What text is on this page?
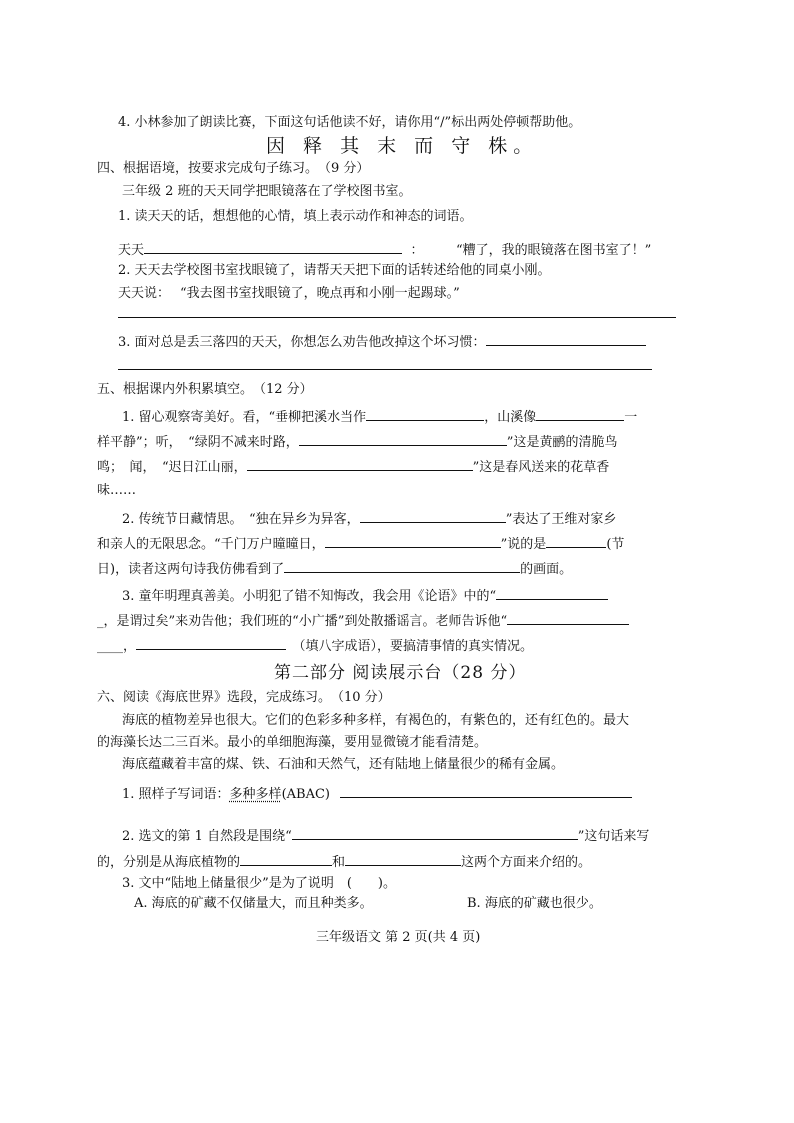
4. 小林参加了朗读比赛，下面这句话他读不好，请你用“/”标出两处停顿帮助他。
因 释 其 末 而 守 株。
四、根据语境，按要求完成句子练习。　（9 分）
三年级 2 班的天天同学把眼镜落在了学校图书室。
1. 读天天的话，想想他的心情，填上表示动作和神态的词语。
天天	：	“糟了，我的眼镜落在图书室了！”
2. 天天去学校图书室找眼镜了，请帮天天把下面的话转述给他的同桌小刚。
天天说： “我去图书室找眼镜了，晚点再和小刚一起踢球。”
3. 面对总是丢三落四的天天，你想怎么劝告他改掉这个坏习惯：
五、根据课内外积累填空。　（12 分）
1. 留心观察寄美好。看，“垂柳把溪水当作	，山溪像	一
样平静”；听，　“绿阴不减来时路，	”这是黄鹂的清脆鸟
鸣；　闻，　“迟日江山丽，	”这是春风送来的花草香
味……
2. 传统节日藏情思。　“独在异乡为异客，	”表达了王维对家乡
和亲人的无限思念。“千门万户曈曈日，	”说的是	(节
日)，读者这两句诗我仿佛看到了	的画面。
3. 童年明理真善美。小明犯了错不知悔改，我会用《论语》中的“
_，是谓过矣”来劝告他；我们班的“小广播”到处散播谣言。老师告诉他“
____，	　（填八字成语），要搞清事情的真实情况。
第二部分 阅读展示台（28 分）
六、阅读《海底世界》选段，完成练习。　（10 分）
海底的植物差异也很大。它们的色彩多种多样，有褐色的，有紫色的，还有红色的。最大
的海藻长达二三百米。最小的单细胞海藻，要用显微镜才能看清楚。
海底蕴藏着丰富的煤、铁、石油和天然气，还有陆地上储量很少的稀有金属。
1. 照样子写词语：多种多样(ABAC)
2. 选文的第 1 自然段是围绕“	”这句话来写
的，分别是从海底植物的	和	这两个方面来介绍的。
3. 文中“陆地上储量很少”是为了说明　(　　)。
A. 海底的矿藏不仅储量大，而且种类多。	B. 海底的矿藏也很少。
三年级语文 第 2 页(共 4 页)
